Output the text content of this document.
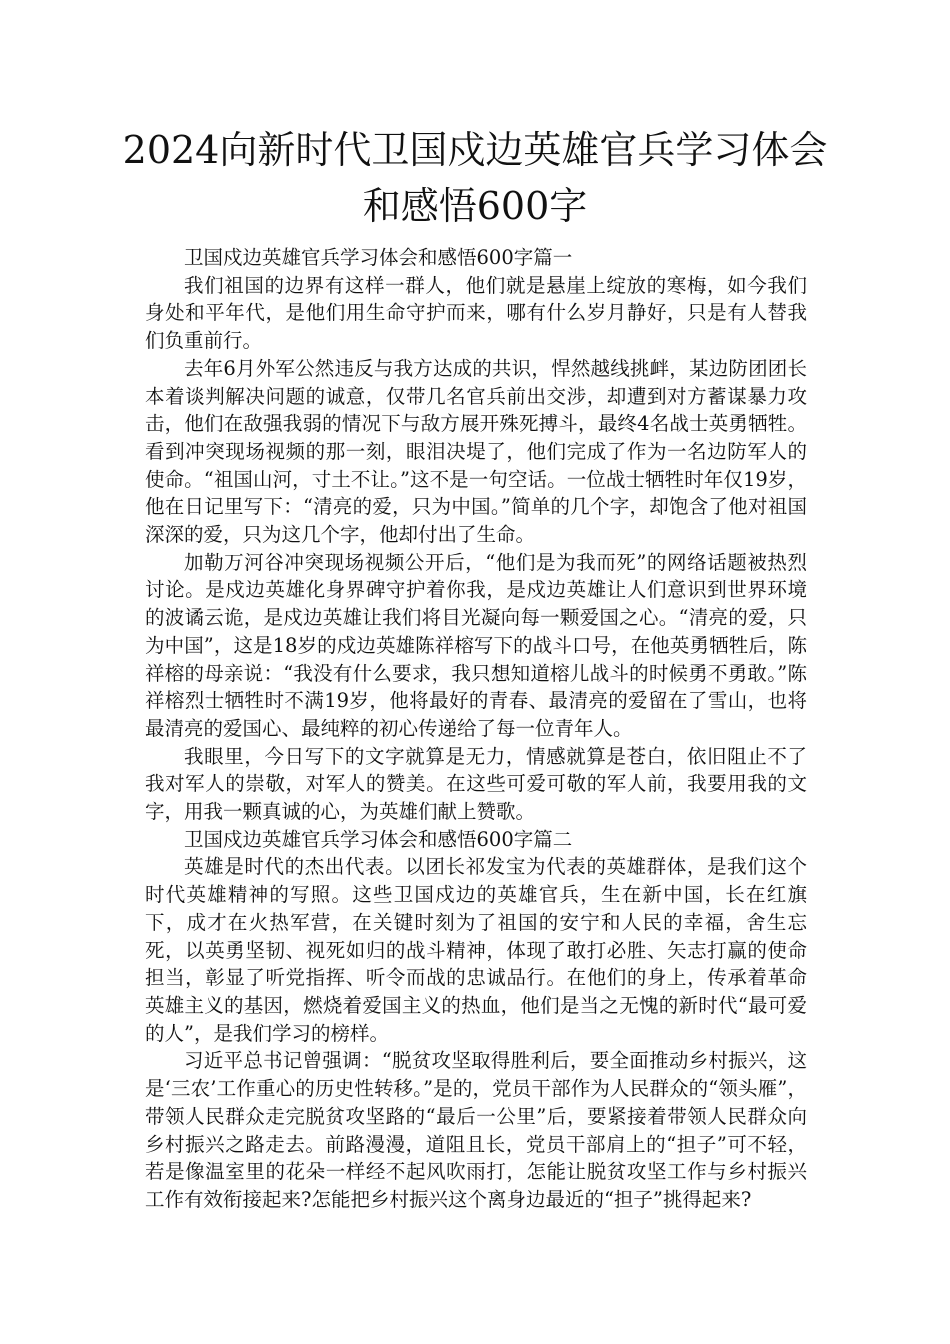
2024向新时代卫国戍边英雄官兵学习体会和感悟600字

卫国戍边英雄官兵学习体会和感悟600字篇一

我们祖国的边界有这样一群人，他们就是悬崖上绽放的寒梅，如今我们身处和平年代，是他们用生命守护而来，哪有什么岁月静好，只是有人替我们负重前行。

去年6月外军公然违反与我方达成的共识，悍然越线挑衅，某边防团团长本着谈判解决问题的诚意，仅带几名官兵前出交涉，却遭到对方蓄谋暴力攻击，他们在敌强我弱的情况下与敌方展开殊死搏斗，最终4名战士英勇牺牲。看到冲突现场视频的那一刻，眼泪决堤了，他们完成了作为一名边防军人的使命。“祖国山河，寸土不让。”这不是一句空话。一位战士牺牲时年仅19岁，他在日记里写下：“清亮的爱，只为中国。”简单的几个字，却饱含了他对祖国深深的爱，只为这几个字，他却付出了生命。

加勒万河谷冲突现场视频公开后，“他们是为我而死”的网络话题被热烈讨论。是戍边英雄化身界碑守护着你我，是戍边英雄让人们意识到世界环境的波谲云诡，是戍边英雄让我们将目光凝向每一颗爱国之心。“清亮的爱，只为中国”，这是18岁的戍边英雄陈祥榕写下的战斗口号，在他英勇牺牲后，陈祥榕的母亲说：“我没有什么要求，我只想知道榕儿战斗的时候勇不勇敢。”陈祥榕烈士牺牲时不满19岁，他将最好的青春、最清亮的爱留在了雪山，也将最清亮的爱国心、最纯粹的初心传递给了每一位青年人。

我眼里，今日写下的文字就算是无力，情感就算是苍白，依旧阻止不了我对军人的崇敬，对军人的赞美。在这些可爱可敬的军人前，我要用我的文字，用我一颗真诚的心，为英雄们献上赞歌。

卫国戍边英雄官兵学习体会和感悟600字篇二

英雄是时代的杰出代表。以团长祁发宝为代表的英雄群体，是我们这个时代英雄精神的写照。这些卫国戍边的英雄官兵，生在新中国，长在红旗下，成才在火热军营，在关键时刻为了祖国的安宁和人民的幸福，舍生忘死，以英勇坚韧、视死如归的战斗精神，体现了敢打必胜、矢志打赢的使命担当，彰显了听党指挥、听令而战的忠诚品行。在他们的身上，传承着革命英雄主义的基因，燃烧着爱国主义的热血，他们是当之无愧的新时代“最可爱的人”，是我们学习的榜样。

习近平总书记曾强调：“脱贫攻坚取得胜利后，要全面推动乡村振兴，这是‘三农’工作重心的历史性转移。”是的，党员干部作为人民群众的“领头雁”，带领人民群众走完脱贫攻坚路的“最后一公里”后，要紧接着带领人民群众向乡村振兴之路走去。前路漫漫，道阻且长，党员干部肩上的“担子”可不轻，若是像温室里的花朵一样经不起风吹雨打，怎能让脱贫攻坚工作与乡村振兴工作有效衔接起来?怎能把乡村振兴这个离身边最近的“担子”挑得起来?
